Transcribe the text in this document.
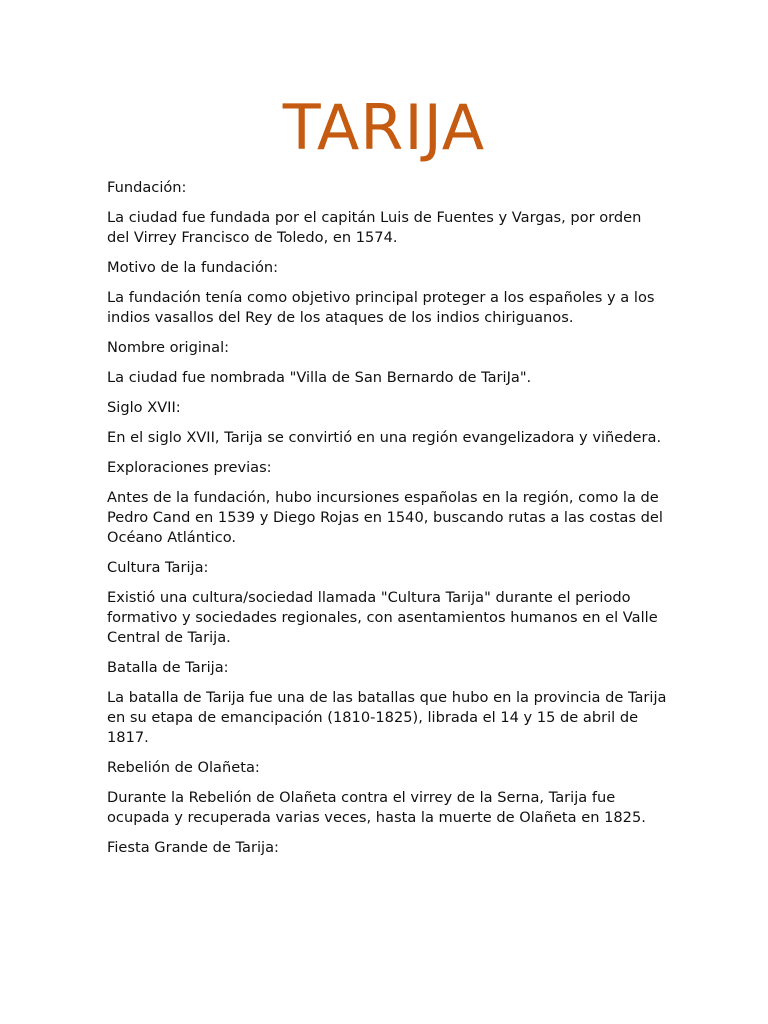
TARIJA

Fundación:

La ciudad fue fundada por el capitán Luis de Fuentes y Vargas, por orden del Virrey Francisco de Toledo, en 1574.

Motivo de la fundación:

La fundación tenía como objetivo principal proteger a los españoles y a los indios vasallos del Rey de los ataques de los indios chiriguanos.

Nombre original:

La ciudad fue nombrada "Villa de San Bernardo de TariJa".

Siglo XVII:

En el siglo XVII, Tarija se convirtió en una región evangelizadora y viñedera.

Exploraciones previas:

Antes de la fundación, hubo incursiones españolas en la región, como la de Pedro Cand en 1539 y Diego Rojas en 1540, buscando rutas a las costas del Océano Atlántico.

Cultura Tarija:

Existió una cultura/sociedad llamada "Cultura Tarija" durante el periodo formativo y sociedades regionales, con asentamientos humanos en el Valle Central de Tarija.

Batalla de Tarija:

La batalla de Tarija fue una de las batallas que hubo en la provincia de Tarija en su etapa de emancipación (1810-1825), librada el 14 y 15 de abril de 1817.

Rebelión de Olañeta:

Durante la Rebelión de Olañeta contra el virrey de la Serna, Tarija fue ocupada y recuperada varias veces, hasta la muerte de Olañeta en 1825.

Fiesta Grande de Tarija:
